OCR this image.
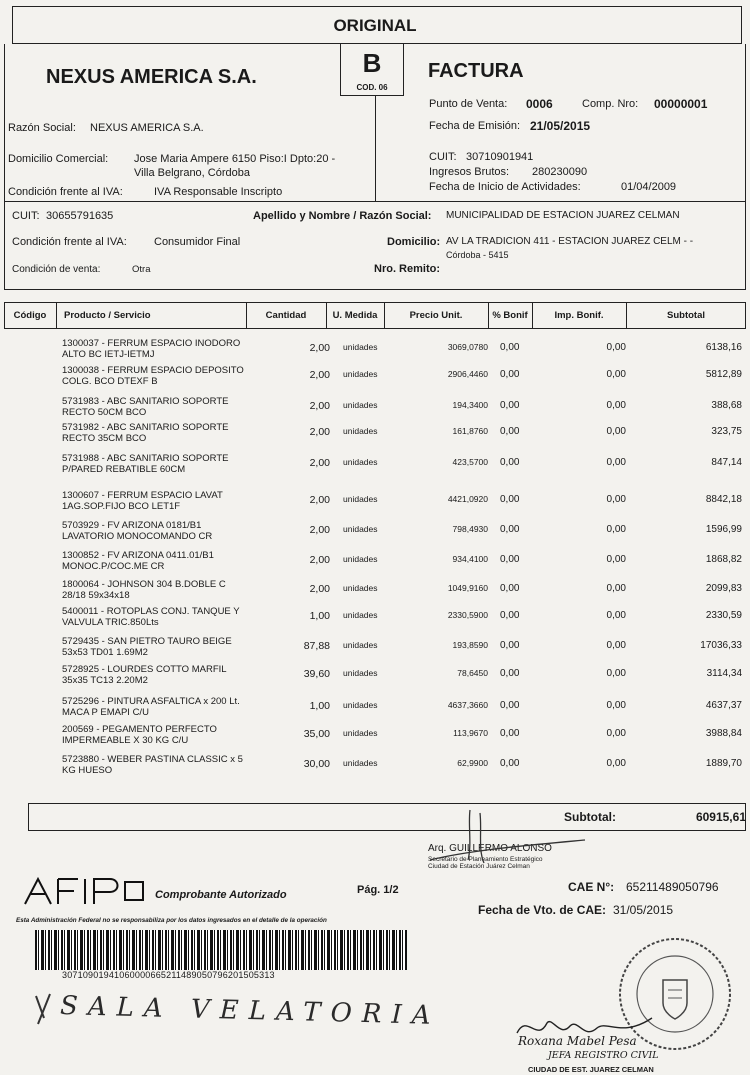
ORIGINAL
B
COD. 06
NEXUS AMERICA S.A.	FACTURA
Punto de Venta: 0006	Comp. Nro: 00000001
Fecha de Emisión: 21/05/2015
Razón Social: NEXUS AMERICA S.A.
Domicilio Comercial: Jose Maria Ampere 6150 Piso:I Dpto:20 -
Villa Belgrano, Córdoba
Condición frente al IVA:	IVA Responsable Inscripto
CUIT: 30710901941
Ingresos Brutos: 280230090
Fecha de Inicio de Actividades:	01/04/2009
CUIT: 30655791635	Apellido y Nombre / Razón Social: MUNICIPALIDAD DE ESTACION JUAREZ CELMAN
Condición frente al IVA: Consumidor Final	Domicilio: AV LA TRADICION 411 - ESTACION JUAREZ CELM - -
Córdoba - 5415
Condición de venta:	Otra	Nro. Remito:
Código	Producto / Servicio	Cantidad	U. Medida	Precio Unit.	% Bonif	Imp. Bonif.	Subtotal
1300037 - FERRUM ESPACIO INODORO ALTO BC IETJ-IETMJ	2,00 unidades	3069,0780 0,00	0,00	6138,16
1300038 - FERRUM ESPACIO DEPOSITO COLG. BCO DTEXF B	2,00 unidades	2906,4460 0,00	0,00	5812,89
5731983 - ABC SANITARIO SOPORTE RECTO 50CM BCO	2,00 unidades	194,3400 0,00	0,00	388,68
5731982 - ABC SANITARIO SOPORTE RECTO 35CM BCO	2,00 unidades	161,8760 0,00	0,00	323,75
5731988 - ABC SANITARIO SOPORTE P/PARED REBATIBLE 60CM	2,00 unidades	423,5700 0,00	0,00	847,14
1300607 - FERRUM ESPACIO LAVAT 1AG.SOP.FIJO BCO LET1F	2,00 unidades	4421,0920 0,00	0,00	8842,18
5703929 - FV ARIZONA 0181/B1 LAVATORIO MONOCOMANDO CR	2,00 unidades	798,4930 0,00	0,00	1596,99
1300852 - FV ARIZONA 0411.01/B1 MONOC.P/COC.ME CR	2,00 unidades	934,4100 0,00	0,00	1868,82
1800064 - JOHNSON 304 B.DOBLE C 28/18 59x34x18	2,00 unidades	1049,9160 0,00	0,00	2099,83
5400011 - ROTOPLAS CONJ. TANQUE Y VALVULA TRIC.850Lts	1,00 unidades	2330,5900 0,00	0,00	2330,59
5729435 - SAN PIETRO TAURO BEIGE 53x53 TD01 1.69M2	87,88 unidades	193,8590 0,00	0,00	17036,33
5728925 - LOURDES COTTO MARFIL 35x35 TC13 2.20M2	39,60 unidades	78,6450 0,00	0,00	3114,34
5725296 - PINTURA ASFALTICA x 200 Lt. MACA P EMAPI C/U	1,00 unidades	4637,3660 0,00	0,00	4637,37
200569 - PEGAMENTO PERFECTO IMPERMEABLE X 30 KG C/U	35,00 unidades	113,9670 0,00	0,00	3988,84
5723880 - WEBER PASTINA CLASSIC x 5 KG HUESO	30,00 unidades	62,9900 0,00	0,00	1889,70
Subtotal:	60915,61
Arq. GUILLERMO ALONSO
Secretario de Planeamiento Estratégico
Ciudad de Estación Juárez Celman
Comprobante Autorizado	Pág. 1/2
Esta Administración Federal no se responsabiliza por los datos ingresados en el detalle de la operación
30710901941060000665211489050796201505313
CAE N°: 65211489050796
Fecha de Vto. de CAE: 31/05/2015
SALA VELATORIA
Roxana Mabel Pesa
JEFA REGISTRO CIVIL
CIUDAD DE EST. JUAREZ CELMAN
